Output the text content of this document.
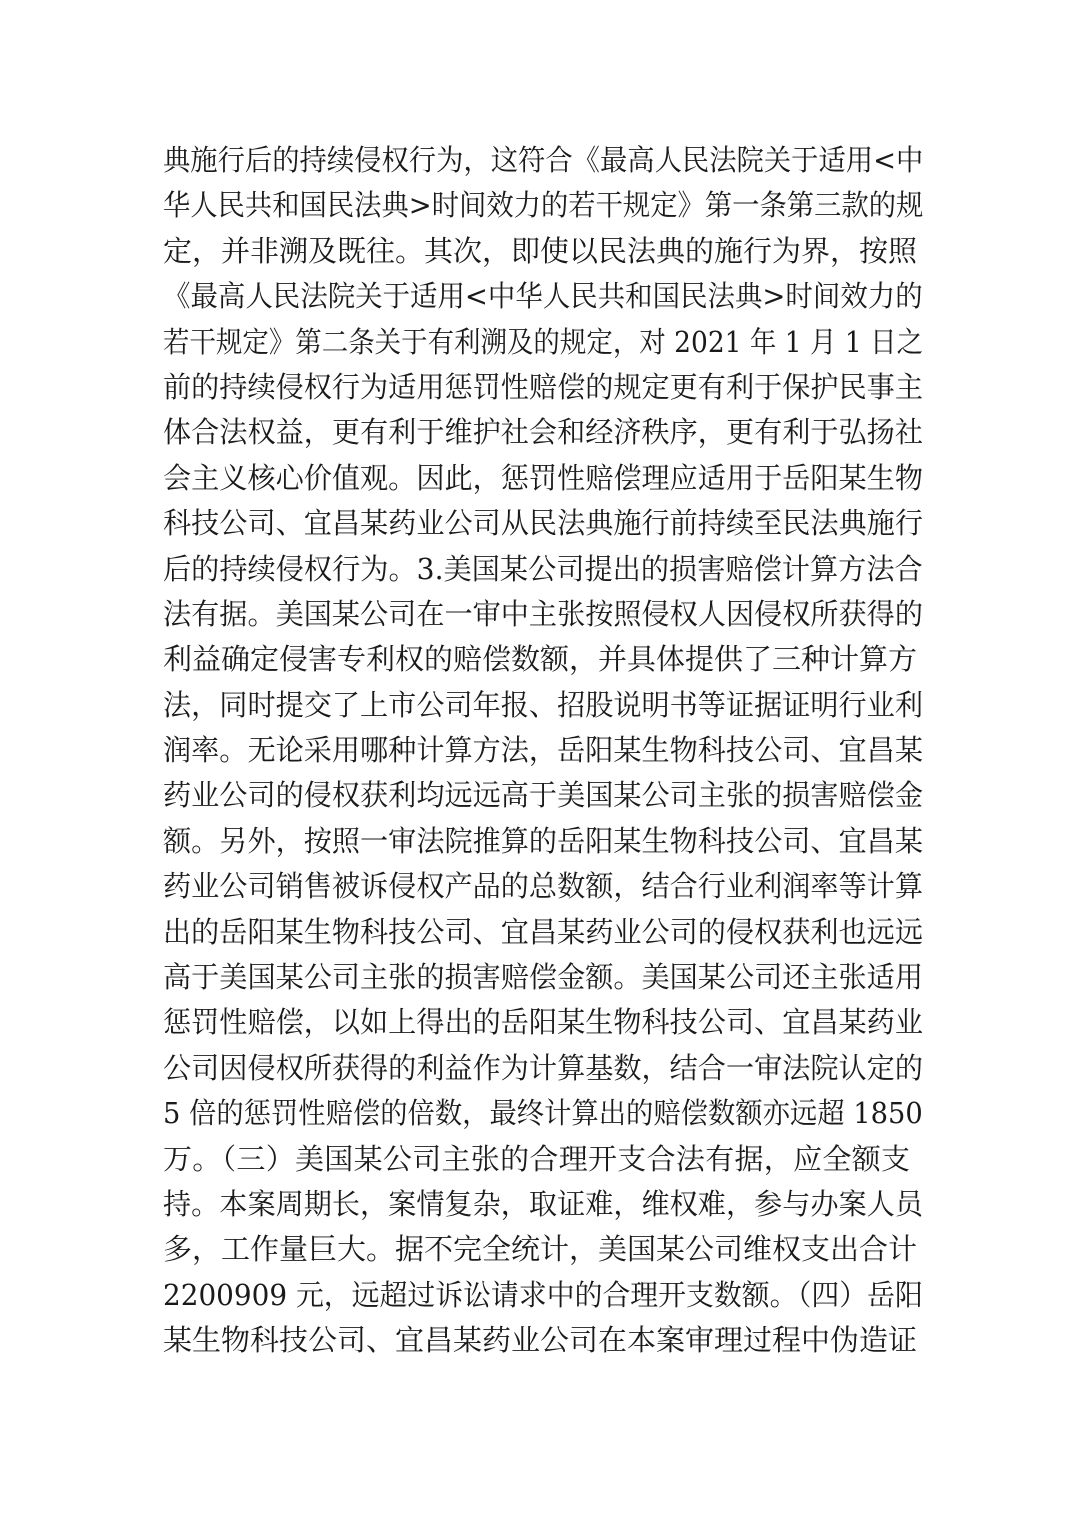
典施行后的持续侵权行为，这符合《最高人民法院关于适用<中
华人民共和国民法典>时间效力的若干规定》第一条第三款的规
定，并非溯及既往。其次，即使以民法典的施行为界，按照
《最高人民法院关于适用<中华人民共和国民法典>时间效力的
若干规定》第二条关于有利溯及的规定，对 2021 年 1 月 1 日之
前的持续侵权行为适用惩罚性赔偿的规定更有利于保护民事主
体合法权益，更有利于维护社会和经济秩序，更有利于弘扬社
会主义核心价值观。因此，惩罚性赔偿理应适用于岳阳某生物
科技公司、宜昌某药业公司从民法典施行前持续至民法典施行
后的持续侵权行为。3.美国某公司提出的损害赔偿计算方法合
法有据。美国某公司在一审中主张按照侵权人因侵权所获得的
利益确定侵害专利权的赔偿数额，并具体提供了三种计算方
法，同时提交了上市公司年报、招股说明书等证据证明行业利
润率。无论采用哪种计算方法，岳阳某生物科技公司、宜昌某
药业公司的侵权获利均远远高于美国某公司主张的损害赔偿金
额。另外，按照一审法院推算的岳阳某生物科技公司、宜昌某
药业公司销售被诉侵权产品的总数额，结合行业利润率等计算
出的岳阳某生物科技公司、宜昌某药业公司的侵权获利也远远
高于美国某公司主张的损害赔偿金额。美国某公司还主张适用
惩罚性赔偿，以如上得出的岳阳某生物科技公司、宜昌某药业
公司因侵权所获得的利益作为计算基数，结合一审法院认定的
5 倍的惩罚性赔偿的倍数，最终计算出的赔偿数额亦远超 1850
万。（三）美国某公司主张的合理开支合法有据，应全额支
持。本案周期长，案情复杂，取证难，维权难，参与办案人员
多，工作量巨大。据不完全统计，美国某公司维权支出合计
2200909 元，远超过诉讼请求中的合理开支数额。（四）岳阳
某生物科技公司、宜昌某药业公司在本案审理过程中伪造证
